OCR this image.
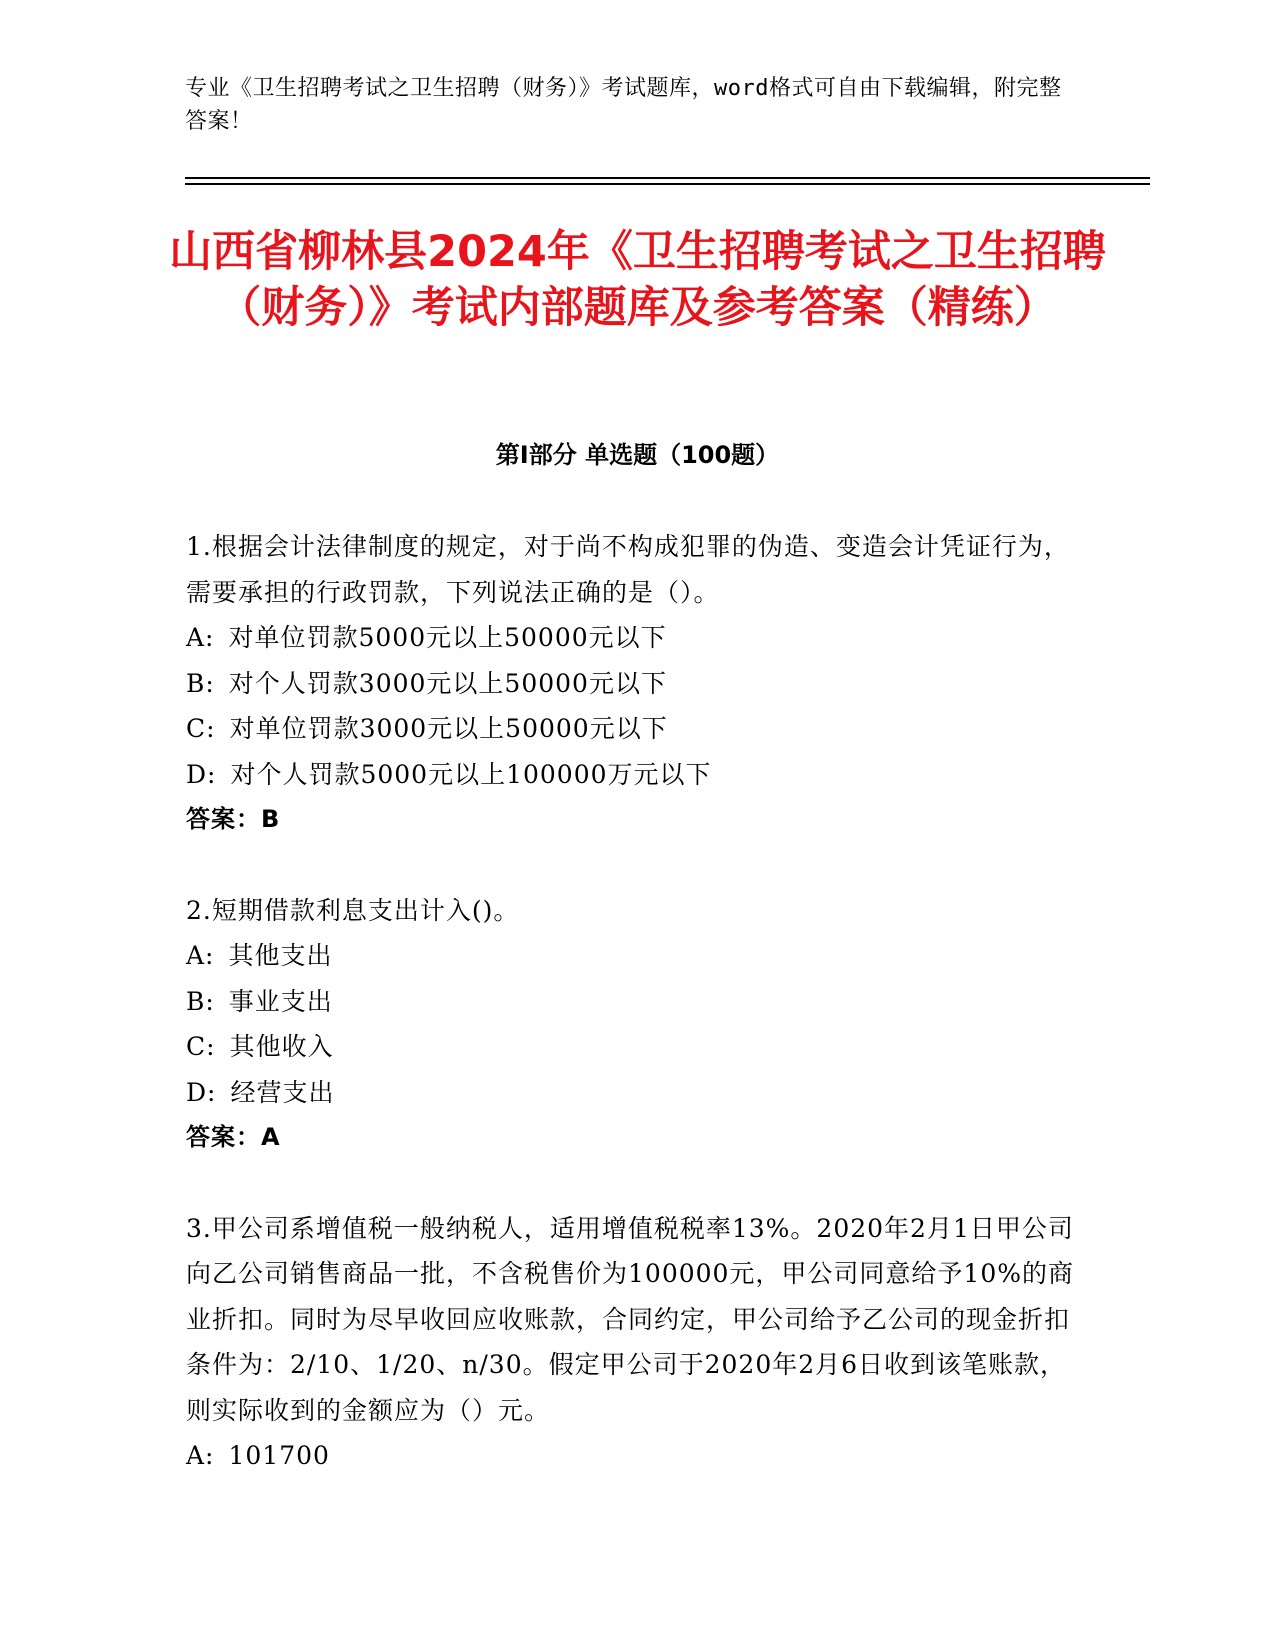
专业《卫生招聘考试之卫生招聘（财务）》考试题库，word格式可自由下载编辑，附完整答案！
山西省柳林县2024年《卫生招聘考试之卫生招聘（财务）》考试内部题库及参考答案（精练）
第Ⅰ部分 单选题（100题）

1.根据会计法律制度的规定，对于尚不构成犯罪的伪造、变造会计凭证行为，需要承担的行政罚款，下列说法正确的是（）。

A: 对单位罚款5000元以上50000元以下

B: 对个人罚款3000元以上50000元以下

C: 对单位罚款3000元以上50000元以下

D: 对个人罚款5000元以上100000万元以下

答案：B

2.短期借款利息支出计入()。

A: 其他支出

B: 事业支出

C: 其他收入

D: 经营支出

答案：A

3.甲公司系增值税一般纳税人，适用增值税税率13%。2020年2月1日甲公司向乙公司销售商品一批，不含税售价为100000元，甲公司同意给予10%的商业折扣。同时为尽早收回应收账款，合同约定，甲公司给予乙公司的现金折扣条件为：2/10、1/20、n/30。假定甲公司于2020年2月6日收到该笔账款，则实际收到的金额应为（）元。

A: 101700
